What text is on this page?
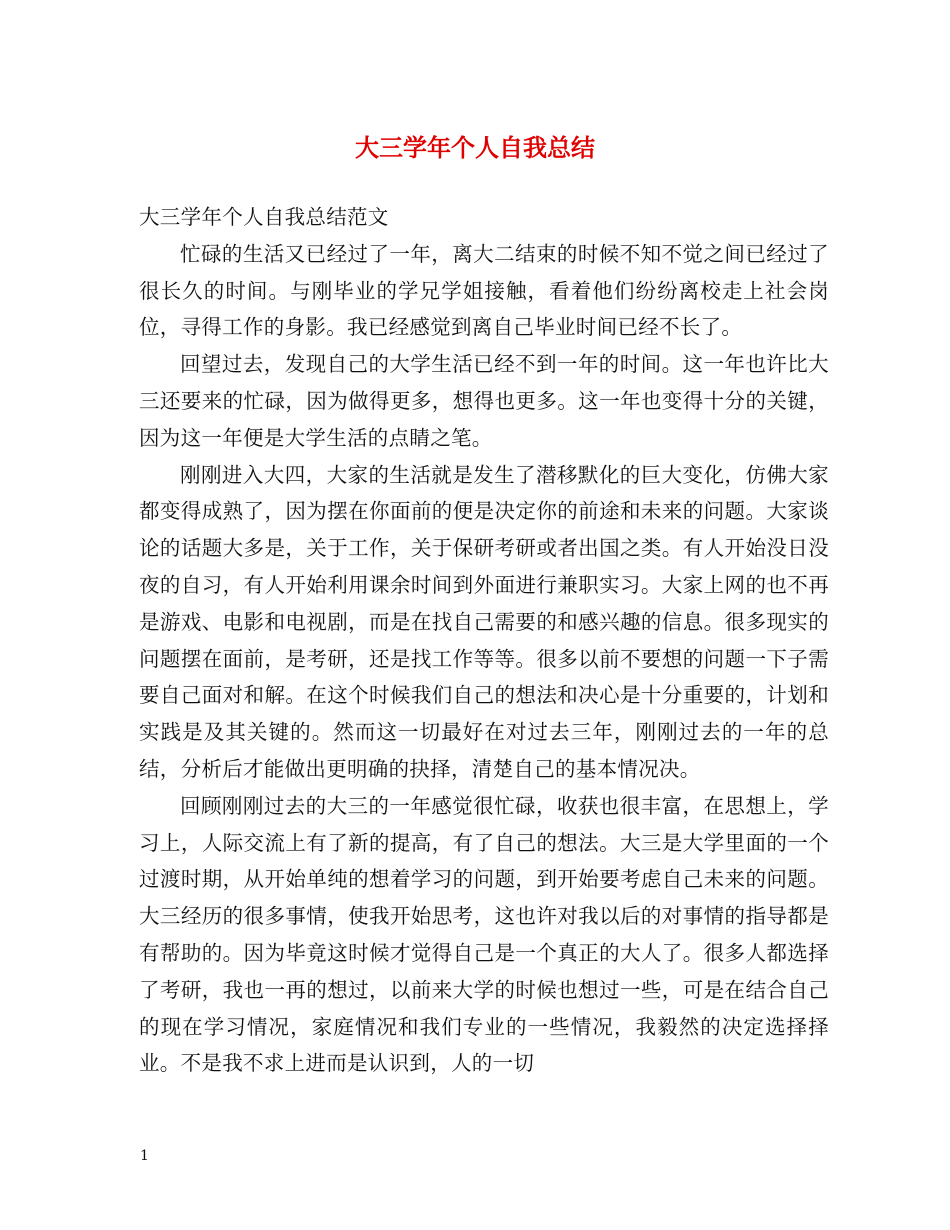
大三学年个人自我总结

大三学年个人自我总结范文

忙碌的生活又已经过了一年，离大二结束的时候不知不觉之间已经过了很长久的时间。与刚毕业的学兄学姐接触，看着他们纷纷离校走上社会岗位，寻得工作的身影。我已经感觉到离自己毕业时间已经不长了。

回望过去，发现自己的大学生活已经不到一年的时间。这一年也许比大三还要来的忙碌，因为做得更多，想得也更多。这一年也变得十分的关键，因为这一年便是大学生活的点睛之笔。

刚刚进入大四，大家的生活就是发生了潜移默化的巨大变化，仿佛大家都变得成熟了，因为摆在你面前的便是决定你的前途和未来的问题。大家谈论的话题大多是，关于工作，关于保研考研或者出国之类。有人开始没日没夜的自习，有人开始利用课余时间到外面进行兼职实习。大家上网的也不再是游戏、电影和电视剧，而是在找自己需要的和感兴趣的信息。很多现实的问题摆在面前，是考研，还是找工作等等。很多以前不要想的问题一下子需要自己面对和解。在这个时候我们自己的想法和决心是十分重要的，计划和实践是及其关键的。然而这一切最好在对过去三年，刚刚过去的一年的总结，分析后才能做出更明确的抉择，清楚自己的基本情况决。

回顾刚刚过去的大三的一年感觉很忙碌，收获也很丰富，在思想上，学习上，人际交流上有了新的提高，有了自己的想法。大三是大学里面的一个过渡时期，从开始单纯的想着学习的问题，到开始要考虑自己未来的问题。大三经历的很多事情，使我开始思考，这也许对我以后的对事情的指导都是有帮助的。因为毕竟这时候才觉得自己是一个真正的大人了。很多人都选择了考研，我也一再的想过，以前来大学的时候也想过一些，可是在结合自己的现在学习情况，家庭情况和我们专业的一些情况，我毅然的决定选择择业。不是我不求上进而是认识到，人的一切

1
